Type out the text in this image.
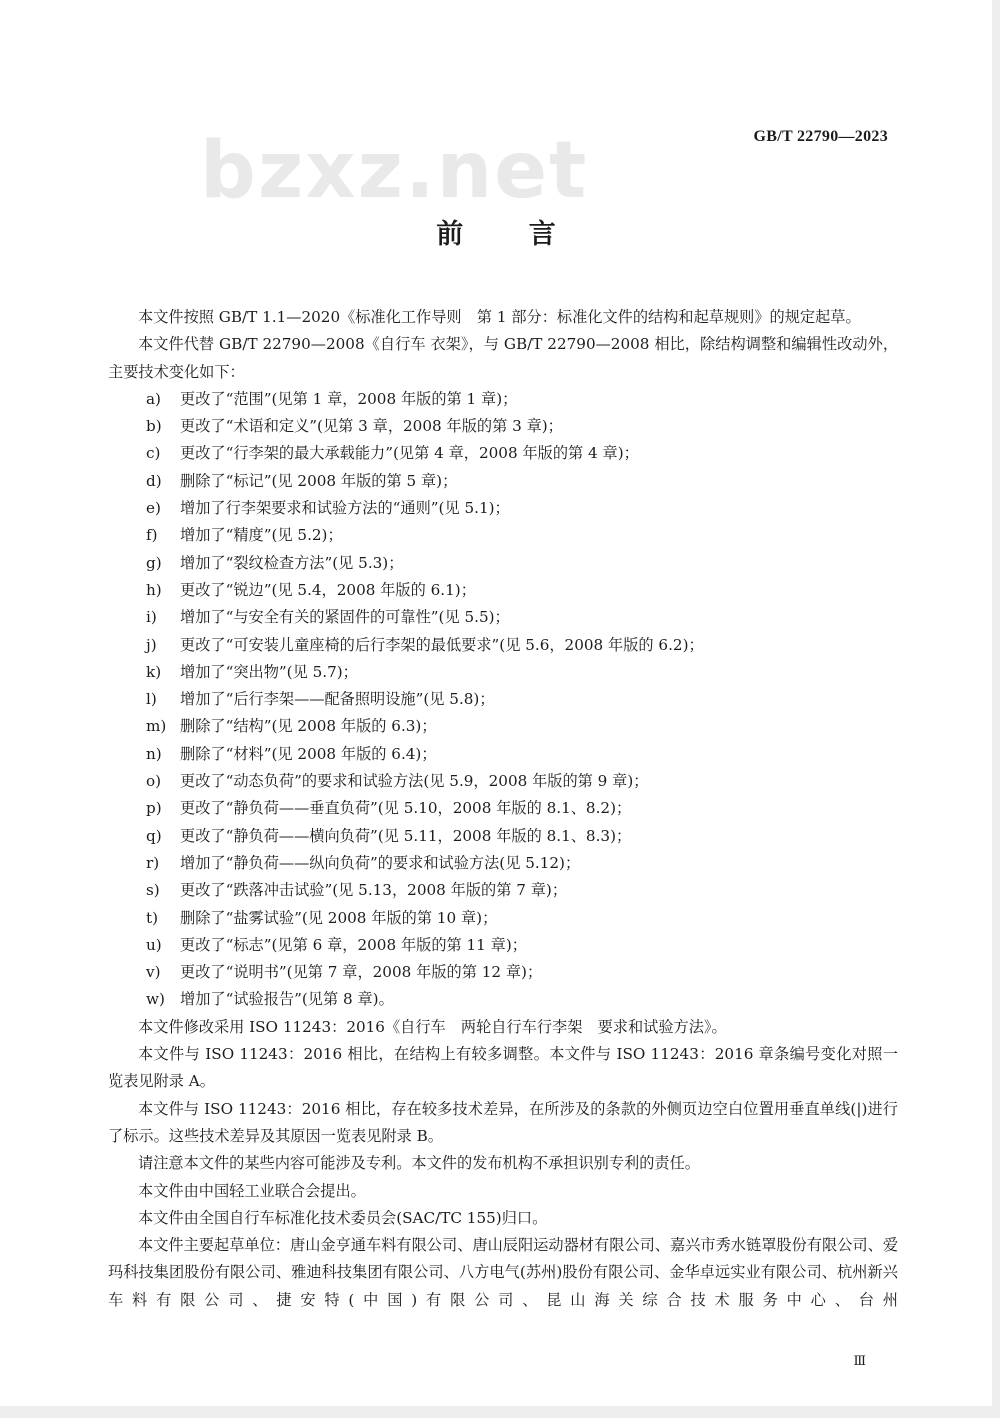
bzxz.net	GB/T 22790—2023
前 言
本文件按照 GB/T 1.1—2020《标准化工作导则　第 1 部分：标准化文件的结构和起草规则》的规定起草。
本文件代替 GB/T 22790—2008《自行车 衣架》，与 GB/T 22790—2008 相比，除结构调整和编辑性改动外，主要技术变化如下：
a) 更改了“范围”(见第 1 章，2008 年版的第 1 章)；
b) 更改了“术语和定义”(见第 3 章，2008 年版的第 3 章)；
c) 更改了“行李架的最大承载能力”(见第 4 章，2008 年版的第 4 章)；
d) 删除了“标记”(见 2008 年版的第 5 章)；
e) 增加了行李架要求和试验方法的“通则”(见 5.1)；
f) 增加了“精度”(见 5.2)；
g) 增加了“裂纹检查方法”(见 5.3)；
h) 更改了“锐边”(见 5.4，2008 年版的 6.1)；
i) 增加了“与安全有关的紧固件的可靠性”(见 5.5)；
j) 更改了“可安装儿童座椅的后行李架的最低要求”(见 5.6，2008 年版的 6.2)；
k) 增加了“突出物”(见 5.7)；
l) 增加了“后行李架——配备照明设施”(见 5.8)；
m) 删除了“结构”(见 2008 年版的 6.3)；
n) 删除了“材料”(见 2008 年版的 6.4)；
o) 更改了“动态负荷”的要求和试验方法(见 5.9，2008 年版的第 9 章)；
p) 更改了“静负荷——垂直负荷”(见 5.10，2008 年版的 8.1、8.2)；
q) 更改了“静负荷——横向负荷”(见 5.11，2008 年版的 8.1、8.3)；
r) 增加了“静负荷——纵向负荷”的要求和试验方法(见 5.12)；
s) 更改了“跌落冲击试验”(见 5.13，2008 年版的第 7 章)；
t) 删除了“盐雾试验”(见 2008 年版的第 10 章)；
u) 更改了“标志”(见第 6 章，2008 年版的第 11 章)；
v) 更改了“说明书”(见第 7 章，2008 年版的第 12 章)；
w) 增加了“试验报告”(见第 8 章)。
本文件修改采用 ISO 11243：2016《自行车　两轮自行车行李架　要求和试验方法》。
本文件与 ISO 11243：2016 相比，在结构上有较多调整。本文件与 ISO 11243：2016 章条编号变化对照一览表见附录 A。
本文件与 ISO 11243：2016 相比，存在较多技术差异，在所涉及的条款的外侧页边空白位置用垂直单线(|)进行了标示。这些技术差异及其原因一览表见附录 B。
请注意本文件的某些内容可能涉及专利。本文件的发布机构不承担识别专利的责任。
本文件由中国轻工业联合会提出。
本文件由全国自行车标准化技术委员会(SAC/TC 155)归口。
本文件主要起草单位：唐山金亨通车料有限公司、唐山辰阳运动器材有限公司、嘉兴市秀水链罩股份有限公司、爱玛科技集团股份有限公司、雅迪科技集团有限公司、八方电气(苏州)股份有限公司、金华卓远实业有限公司、杭州新兴车料有限公司、捷安特(中国)有限公司、昆山海关综合技术服务中心、台州
Ⅲ
